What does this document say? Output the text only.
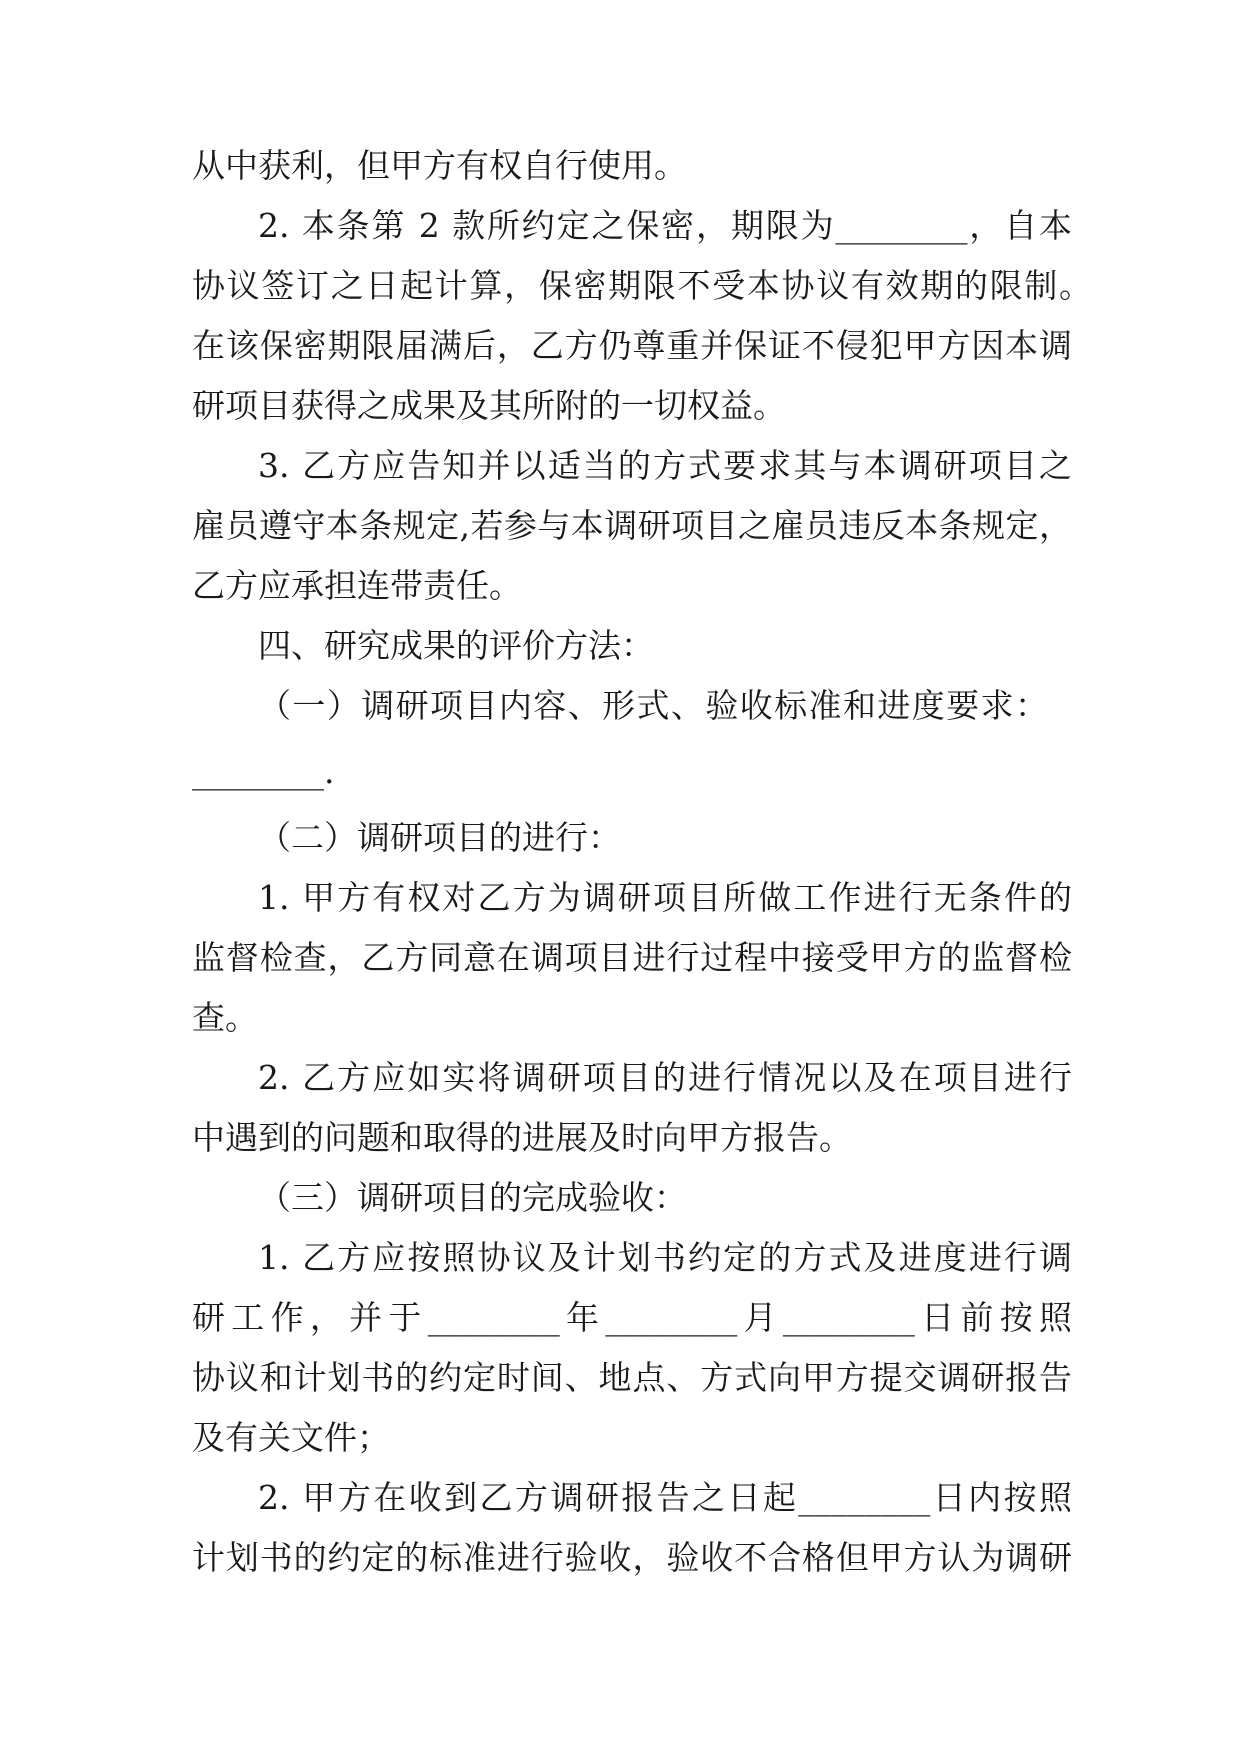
从中获利，但甲方有权自行使用。
2. 本条第 2 款所约定之保密，期限为________，自本
协议签订之日起计算，保密期限不受本协议有效期的限制。
在该保密期限届满后，乙方仍尊重并保证不侵犯甲方因本调
研项目获得之成果及其所附的一切权益。
3. 乙方应告知并以适当的方式要求其与本调研项目之
雇员遵守本条规定,若参与本调研项目之雇员违反本条规定，
乙方应承担连带责任。
四、研究成果的评价方法：
（一）调研项目内容、形式、验收标准和进度要求：
________.
（二）调研项目的进行：
1. 甲方有权对乙方为调研项目所做工作进行无条件的
监督检查，乙方同意在调项目进行过程中接受甲方的监督检
查。
2. 乙方应如实将调研项目的进行情况以及在项目进行
中遇到的问题和取得的进展及时向甲方报告。
（三）调研项目的完成验收：
1. 乙方应按照协议及计划书约定的方式及进度进行调
研工作，并于________年________月________日前按照
协议和计划书的约定时间、地点、方式向甲方提交调研报告
及有关文件；
2. 甲方在收到乙方调研报告之日起________日内按照
计划书的约定的标准进行验收，验收不合格但甲方认为调研
